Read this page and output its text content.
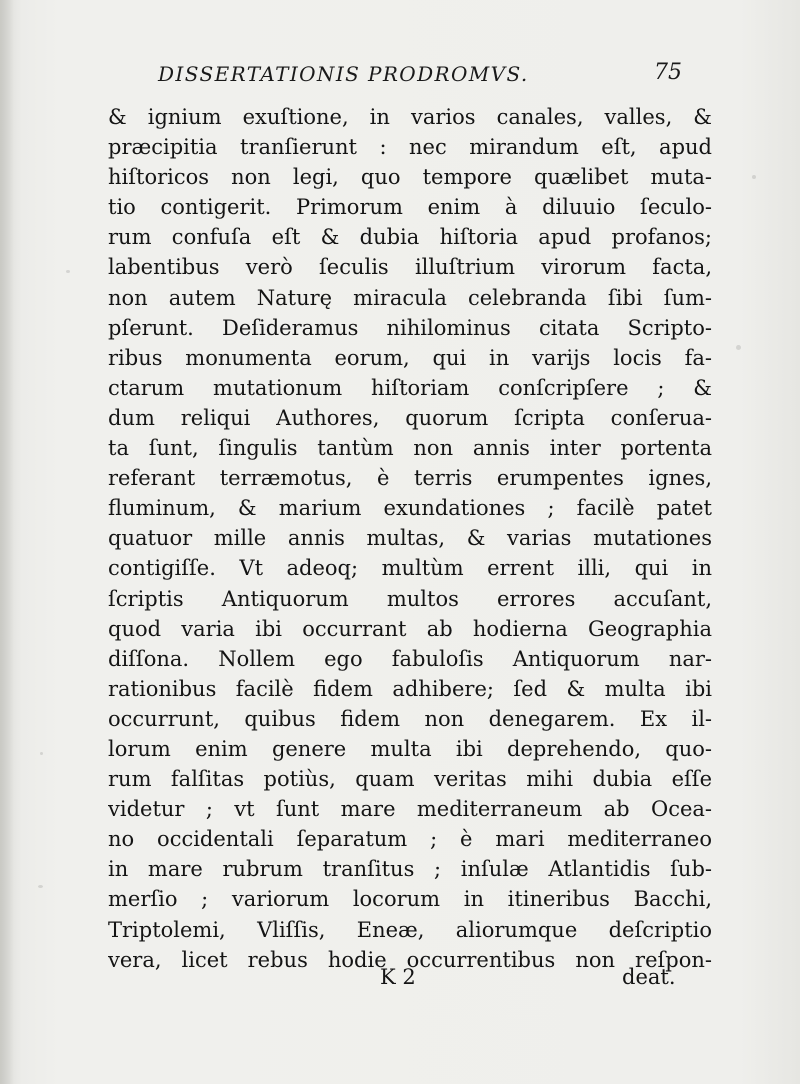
DISSERTATIONIS PRODROMVS.	75
& ignium exuſtione, in varios canales, valles, &
præcipitia tranſierunt : nec mirandum eſt, apud
hiſtoricos non legi, quo tempore quælibet muta-
tio contigerit. Primorum enim à diluuio ſeculo-
rum confuſa eſt & dubia hiſtoria apud profanos;
labentibus verò ſeculis illuſtrium virorum facta,
non autem Naturę miracula celebranda ſibi ſum-
pſerunt. Deſideramus nihilominus citata Scripto-
ribus monumenta eorum, qui in varijs locis fa-
ctarum mutationum hiſtoriam conſcripſere ; &
dum reliqui Authores, quorum ſcripta conſerua-
ta ſunt, ſingulis tantùm non annis inter portenta
referant terræmotus, è terris erumpentes ignes,
fluminum, & marium exundationes ; facilè patet
quatuor mille annis multas, & varias mutationes
contigiſſe. Vt adeoq; multùm errent illi, qui in
ſcriptis Antiquorum multos errores accuſant,
quod varia ibi occurrant ab hodierna Geographia
diſſona. Nollem ego fabuloſis Antiquorum nar-
rationibus facilè fidem adhibere; ſed & multa ibi
occurrunt, quibus fidem non denegarem. Ex il-
lorum enim genere multa ibi deprehendo, quo-
rum falſitas potiùs, quam veritas mihi dubia eſſe
videtur ; vt ſunt mare mediterraneum ab Ocea-
no occidentali ſeparatum ; è mari mediterraneo
in mare rubrum tranſitus ; inſulæ Atlantidis ſub-
merſio ; variorum locorum in itineribus Bacchi,
Triptolemi, Vliſſis, Eneæ, aliorumque deſcriptio
vera, licet rebus hodie occurrentibus non reſpon-
K 2	deat.
